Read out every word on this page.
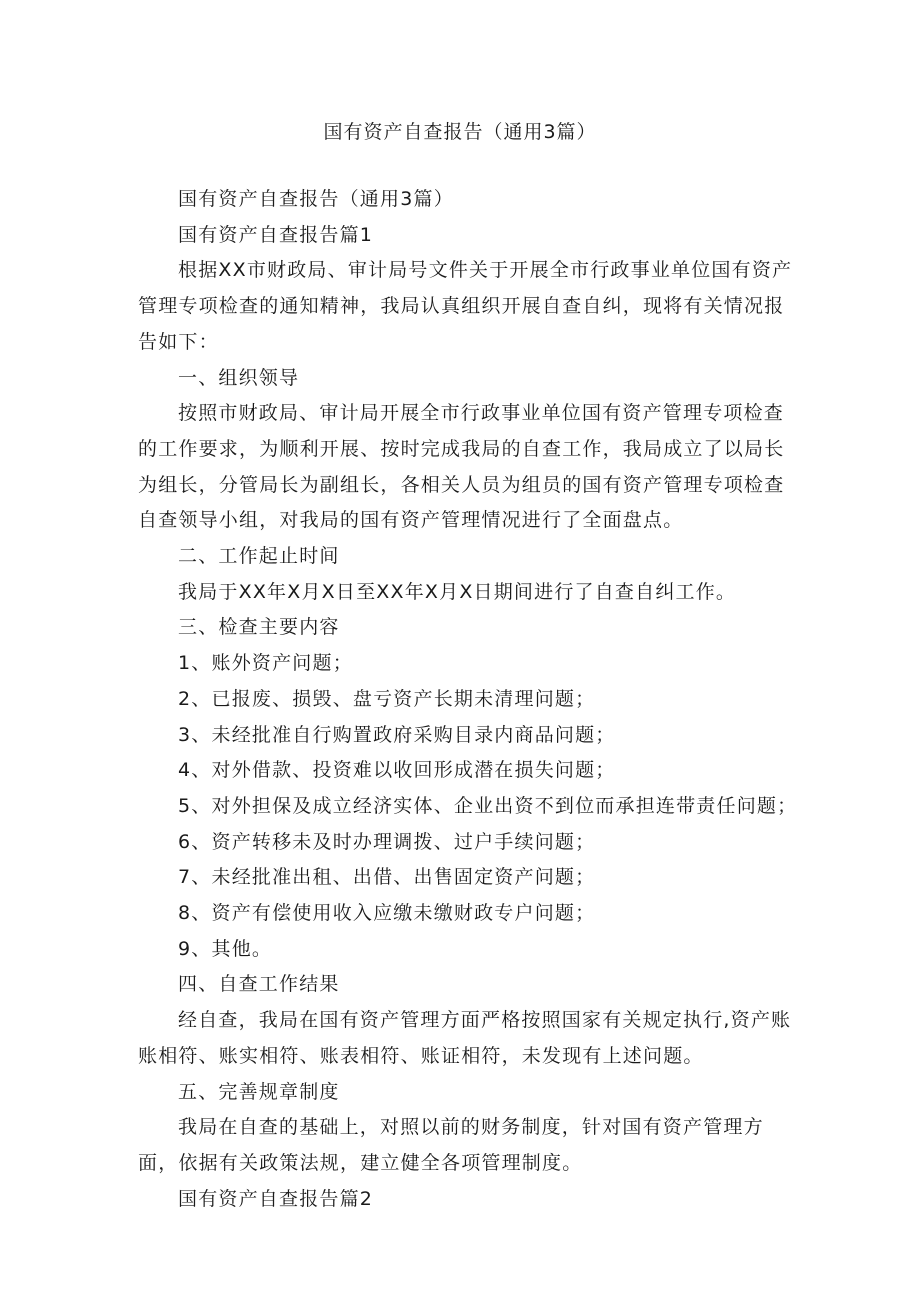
国有资产自查报告（通用3篇）

国有资产自查报告（通用3篇）

国有资产自查报告篇1

根据XX市财政局、审计局号文件关于开展全市行政事业单位国有资产

管理专项检查的通知精神，我局认真组织开展自查自纠，现将有关情况报

告如下：

一、组织领导

按照市财政局、审计局开展全市行政事业单位国有资产管理专项检查

的工作要求，为顺利开展、按时完成我局的自查工作，我局成立了以局长

为组长，分管局长为副组长，各相关人员为组员的国有资产管理专项检查

自查领导小组，对我局的国有资产管理情况进行了全面盘点。

二、工作起止时间

我局于XX年X月X日至XX年X月X日期间进行了自查自纠工作。

三、检查主要内容

1、账外资产问题；

2、已报废、损毁、盘亏资产长期未清理问题；

3、未经批准自行购置政府采购目录内商品问题；

4、对外借款、投资难以收回形成潜在损失问题；

5、对外担保及成立经济实体、企业出资不到位而承担连带责任问题；

6、资产转移未及时办理调拨、过户手续问题；

7、未经批准出租、出借、出售固定资产问题；

8、资产有偿使用收入应缴未缴财政专户问题；

9、其他。

四、自查工作结果

经自查，我局在国有资产管理方面严格按照国家有关规定执行,资产账

账相符、账实相符、账表相符、账证相符，未发现有上述问题。

五、完善规章制度

我局在自查的基础上，对照以前的财务制度，针对国有资产管理方

面，依据有关政策法规，建立健全各项管理制度。

国有资产自查报告篇2
